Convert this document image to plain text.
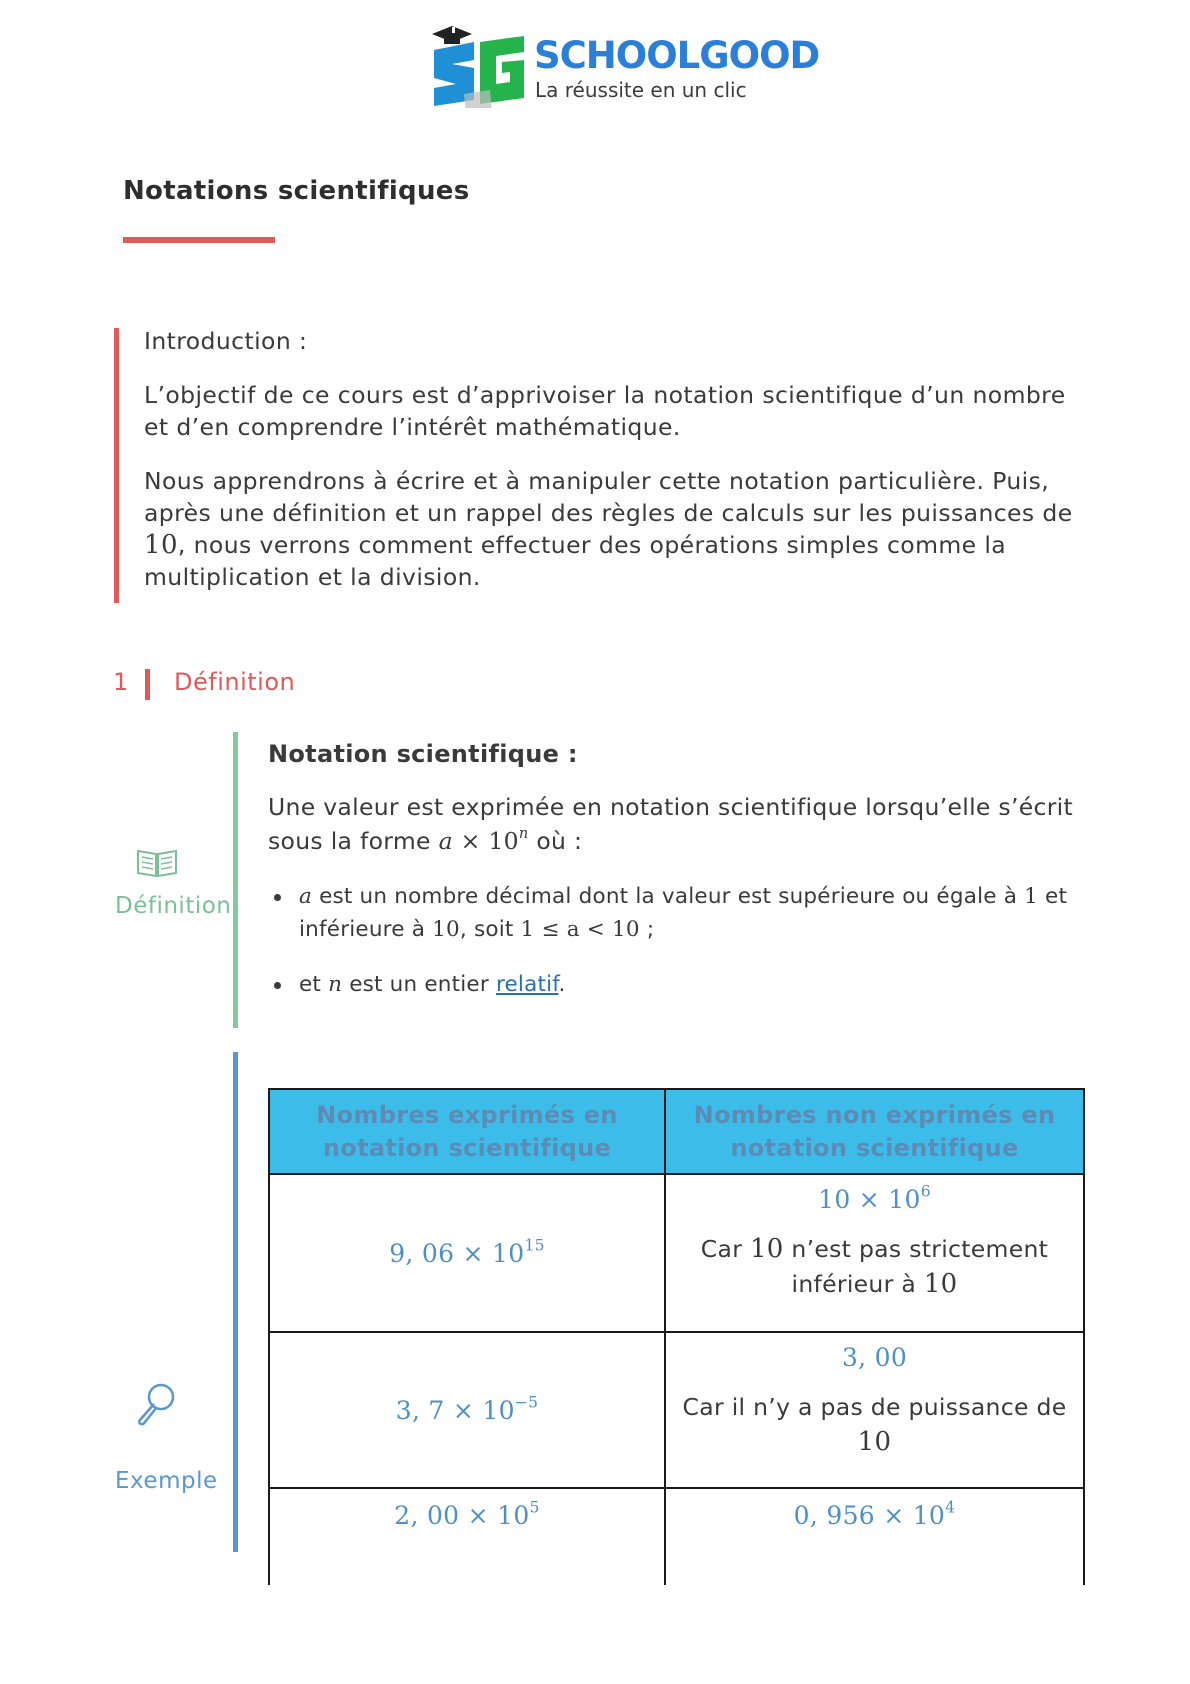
SCHOOLGOOD
La réussite en un clic
Notations scientifiques

Introduction :

L’objectif de ce cours est d’apprivoiser la notation scientifique d’un nombre et d’en comprendre l’intérêt mathématique.

Nous apprendrons à écrire et à manipuler cette notation particulière. Puis, après une définition et un rappel des règles de calculs sur les puissances de 10, nous verrons comment effectuer des opérations simples comme la multiplication et la division.

1 Définition
Définition

Notation scientifique :

Une valeur est exprimée en notation scientifique lorsqu’elle s’écrit sous la forme $a \times 10^n$ où :

a est un nombre décimal dont la valeur est supérieure ou égale à 1 et inférieure à 10, soit 1 ≤ a < 10 ;
et n est un entier relatif.
Exemple
Nombres exprimés en notation scientifique	Nombres non exprimés en notation scientifique
9, $06 \times 10^{15}$	$10 \times 10^6$
Car 10 n’est pas strictement inférieur à 10

3, $7 \times 10^{-5}$	3, 00
Car il n’y a pas de puissance de 10

2, $00 \times 10^5$	0, $956 \times 10^4$
